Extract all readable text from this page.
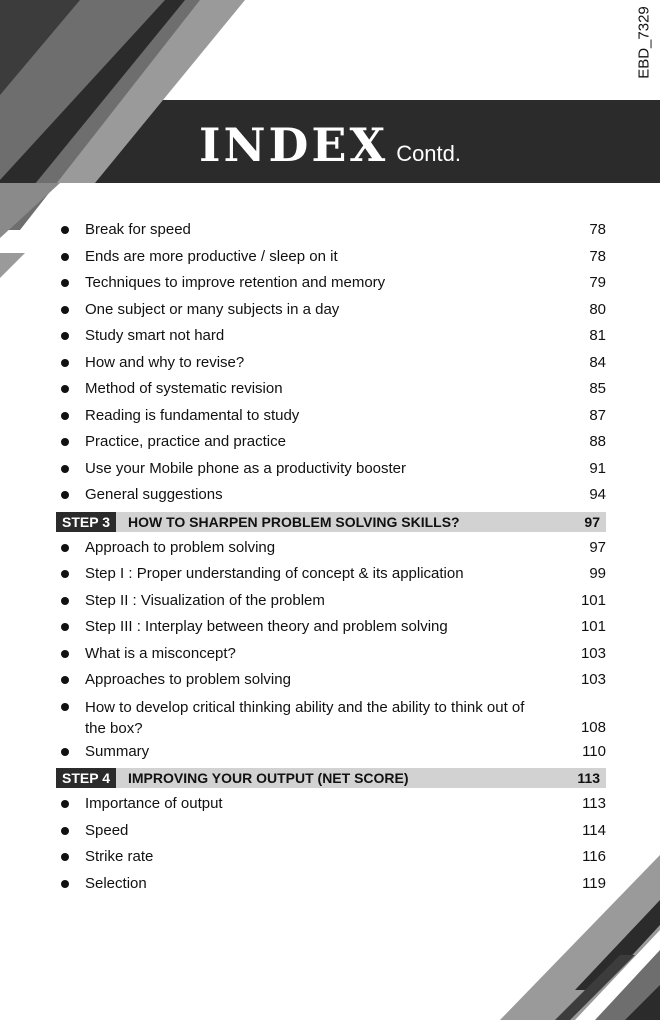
EBD_7329
INDEX Contd.
Break for speed	78
Ends are more productive / sleep on it	78
Techniques to improve retention and memory	79
One subject or many subjects in a day	80
Study smart not hard	81
How and why to revise?	84
Method of systematic revision	85
Reading is fundamental to study	87
Practice, practice and practice	88
Use your Mobile phone as a productivity booster	91
General suggestions	94
STEP 3	HOW TO SHARPEN PROBLEM SOLVING SKILLS?	97
Approach to problem solving	97
Step I : Proper understanding of concept & its application	99
Step II : Visualization of the problem	101
Step III : Interplay between theory and problem solving	101
What is a misconcept?	103
Approaches to problem solving	103
How to develop critical thinking ability and the ability to think out of the box?	108
Summary	110
STEP 4	IMPROVING YOUR OUTPUT (NET SCORE)	113
Importance of output	113
Speed	114
Strike rate	116
Selection	119
